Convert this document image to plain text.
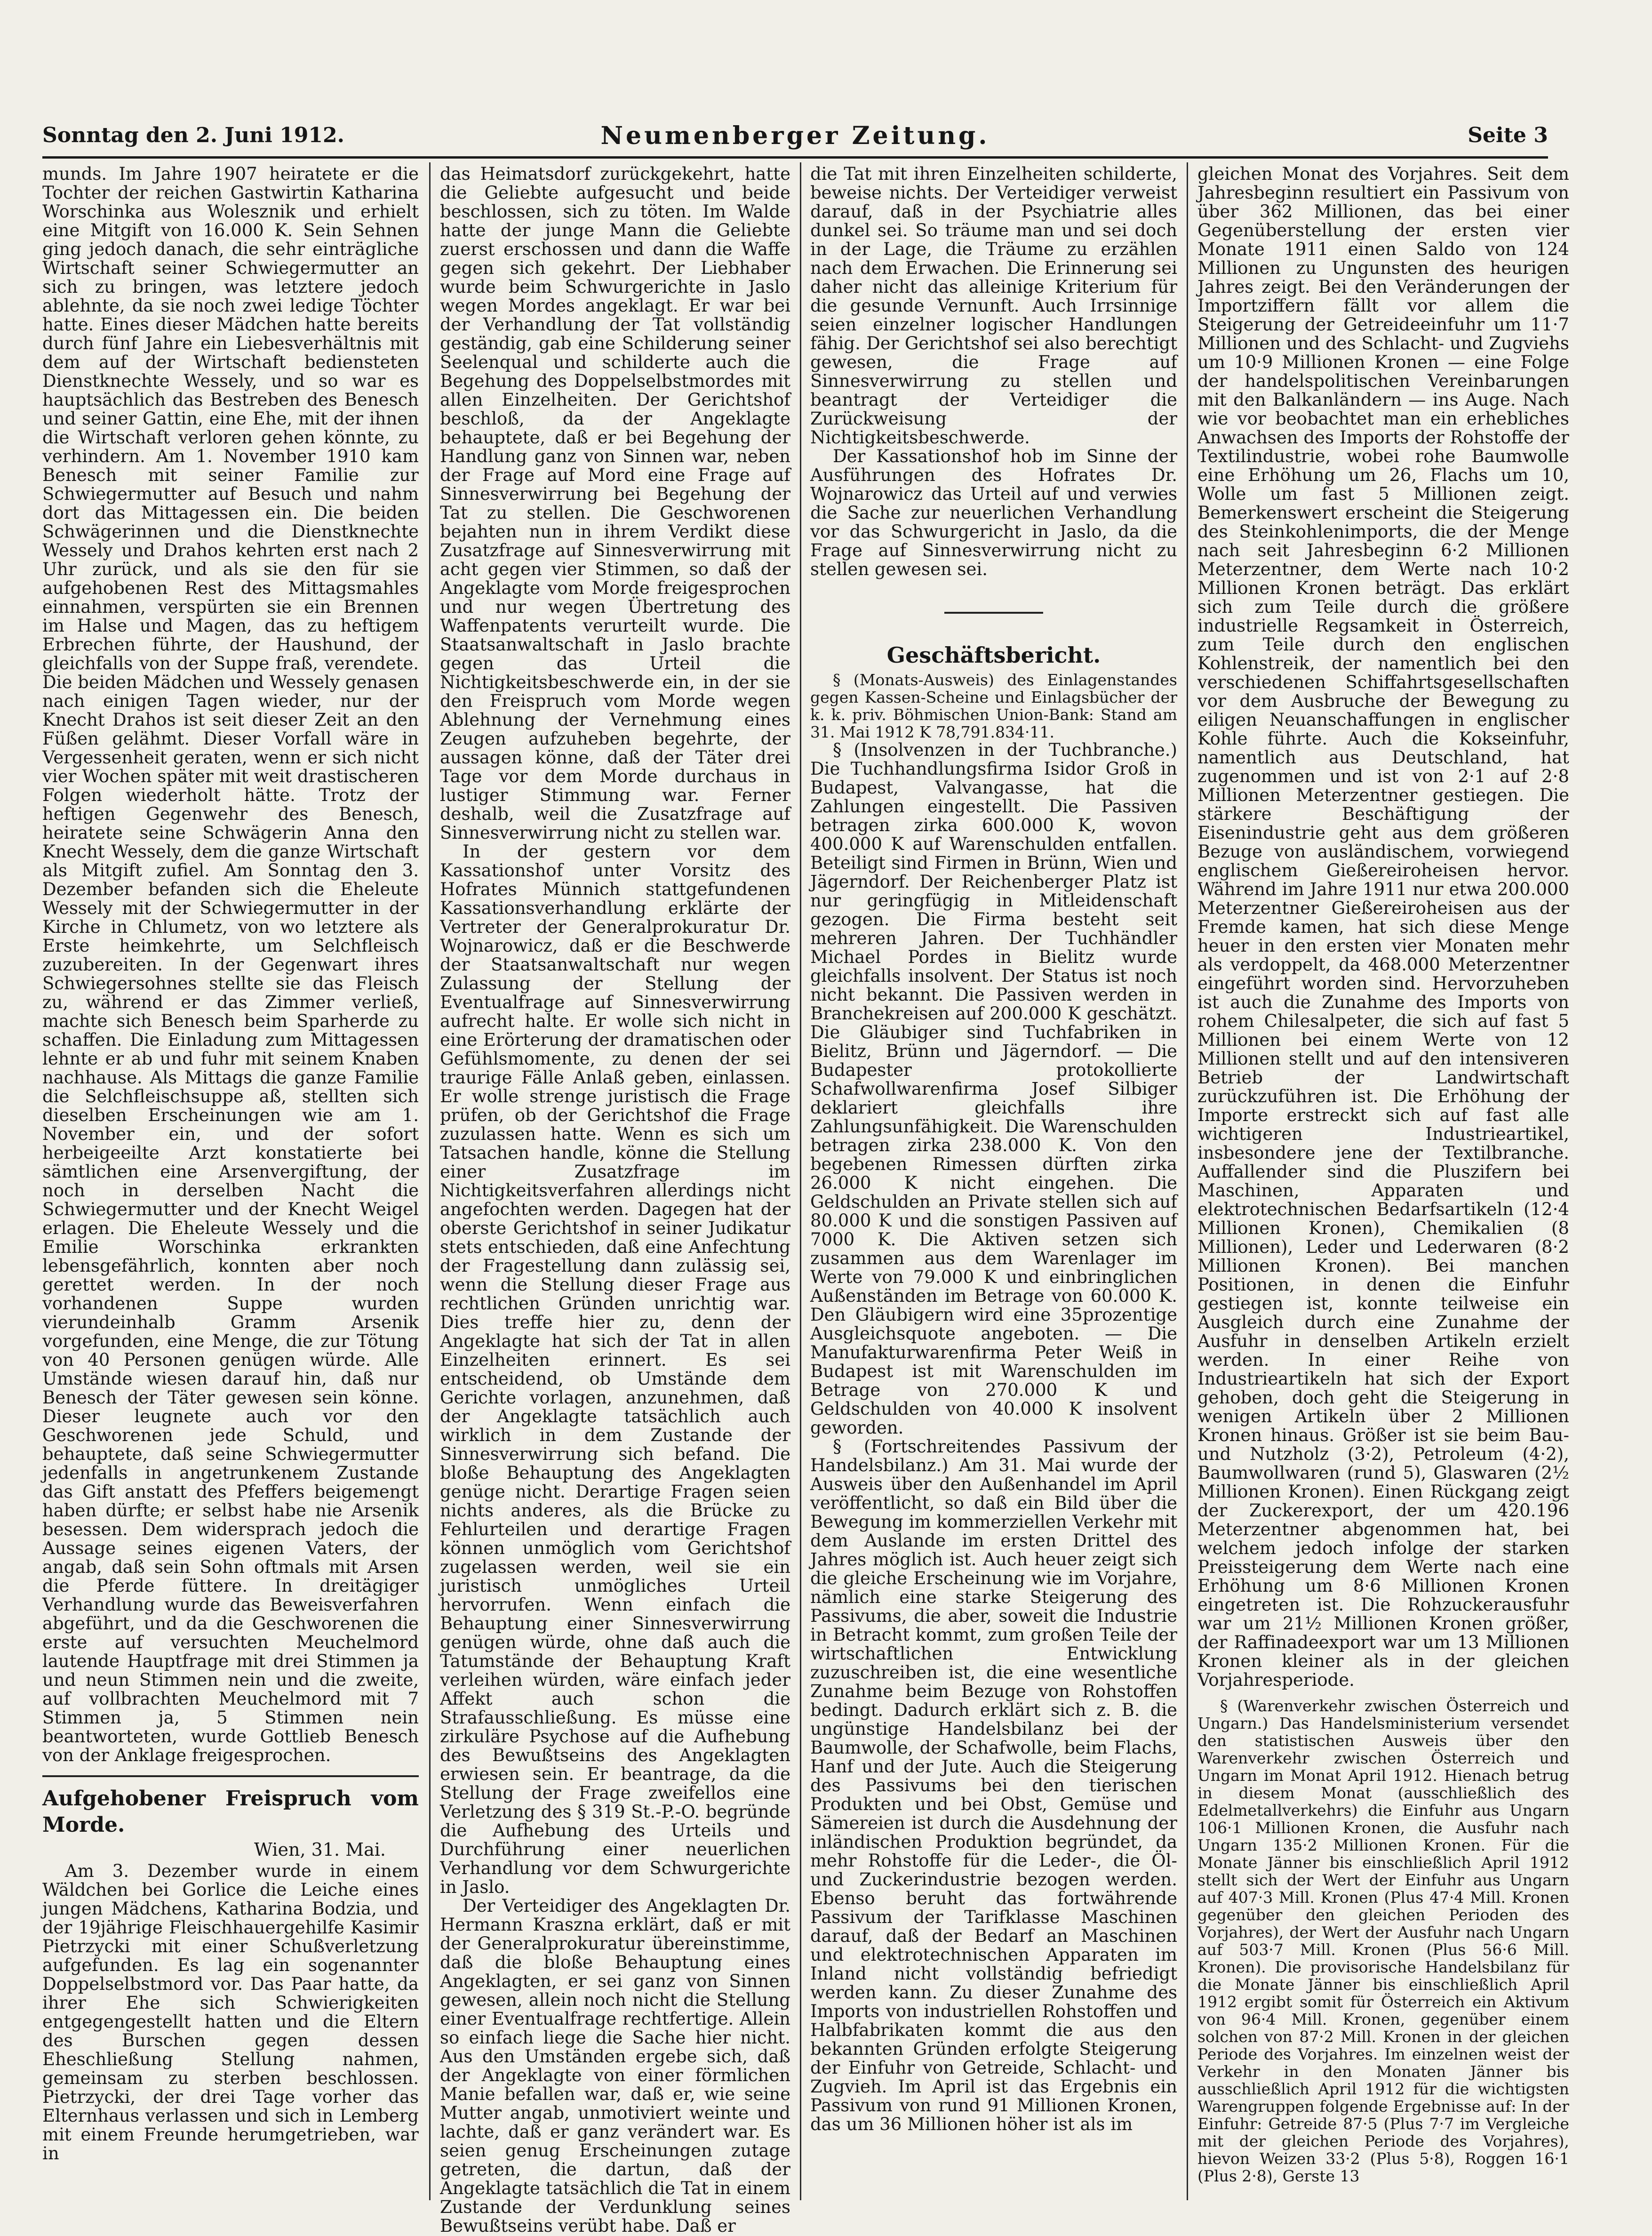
Sonntag den 2. Juni 1912.	Neumenberger Zeitung.	Seite 3

munds. Im Jahre 1907 heiratete er die Tochter der reichen Gastwirtin Katharina Worschinka aus Wolesznik und erhielt eine Mitgift von 16.000 K. Sein Sehnen ging jedoch danach, die sehr einträgliche Wirtschaft seiner Schwiegermutter an sich zu bringen, was letztere jedoch ablehnte, da sie noch zwei ledige Töchter hatte. Eines dieser Mädchen hatte bereits durch fünf Jahre ein Liebesverhältnis mit dem auf der Wirtschaft bediensteten Dienstknechte Wessely, und so war es hauptsächlich das Bestreben des Benesch und seiner Gattin, eine Ehe, mit der ihnen die Wirtschaft verloren gehen könnte, zu verhindern. Am 1. November 1910 kam Benesch mit seiner Familie zur Schwiegermutter auf Besuch und nahm dort das Mittagessen ein. Die beiden Schwägerinnen und die Dienstknechte Wessely und Drahos kehrten erst nach 2 Uhr zurück, und als sie den für sie aufgehobenen Rest des Mittagsmahles einnahmen, verspürten sie ein Brennen im Halse und Magen, das zu heftigem Erbrechen führte, der Haushund, der gleichfalls von der Suppe fraß, verendete. Die beiden Mädchen und Wessely genasen nach einigen Tagen wieder, nur der Knecht Drahos ist seit dieser Zeit an den Füßen gelähmt. Dieser Vorfall wäre in Vergessenheit geraten, wenn er sich nicht vier Wochen später mit weit drastischeren Folgen wiederholt hätte. Trotz der heftigen Gegenwehr des Benesch, heiratete seine Schwägerin Anna den Knecht Wessely, dem die ganze Wirtschaft als Mitgift zufiel. Am Sonntag den 3. Dezember befanden sich die Eheleute Wessely mit der Schwiegermutter in der Kirche in Chlumetz, von wo letztere als Erste heimkehrte, um Selchfleisch zuzubereiten. In der Gegenwart ihres Schwiegersohnes stellte sie das Fleisch zu, während er das Zimmer verließ, machte sich Benesch beim Sparherde zu schaffen. Die Einladung zum Mittagessen lehnte er ab und fuhr mit seinem Knaben nachhause. Als Mittags die ganze Familie die Selchfleischsuppe aß, stellten sich dieselben Erscheinungen wie am 1. November ein, und der sofort herbeigeeilte Arzt konstatierte bei sämtlichen eine Arsenvergiftung, der noch in derselben Nacht die Schwiegermutter und der Knecht Weigel erlagen. Die Eheleute Wessely und die Emilie Worschinka erkrankten lebensgefährlich, konnten aber noch gerettet werden. In der noch vorhandenen Suppe wurden vierundeinhalb Gramm Arsenik vorgefunden, eine Menge, die zur Tötung von 40 Personen genügen würde. Alle Umstände wiesen darauf hin, daß nur Benesch der Täter gewesen sein könne. Dieser leugnete auch vor den Geschworenen jede Schuld, und behauptete, daß seine Schwiegermutter jedenfalls in angetrunkenem Zustande das Gift anstatt des Pfeffers beigemengt haben dürfte; er selbst habe nie Arsenik besessen. Dem widersprach jedoch die Aussage seines eigenen Vaters, der angab, daß sein Sohn oftmals mit Arsen die Pferde füttere. In dreitägiger Verhandlung wurde das Beweisverfahren abgeführt, und da die Geschworenen die erste auf versuchten Meuchelmord lautende Hauptfrage mit drei Stimmen ja und neun Stimmen nein und die zweite, auf vollbrachten Meuchelmord mit 7 Stimmen ja, 5 Stimmen nein beantworteten, wurde Gottlieb Benesch von der Anklage freigesprochen.

Aufgehobener Freispruch vom Morde.
Wien, 31. Mai.

Am 3. Dezember wurde in einem Wäldchen bei Gorlice die Leiche eines jungen Mädchens, Katharina Bodzia, und der 19jährige Fleischhauergehilfe Kasimir Pietrzycki mit einer Schußverletzung aufgefunden. Es lag ein sogenannter Doppelselbstmord vor. Das Paar hatte, da ihrer Ehe sich Schwierigkeiten entgegengestellt hatten und die Eltern des Burschen gegen dessen Eheschließung Stellung nahmen, gemeinsam zu sterben beschlossen. Pietrzycki, der drei Tage vorher das Elternhaus verlassen und sich in Lemberg mit einem Freunde herumgetrieben, war in

das Heimatsdorf zurückgekehrt, hatte die Geliebte aufgesucht und beide beschlossen, sich zu töten. Im Walde hatte der junge Mann die Geliebte zuerst erschossen und dann die Waffe gegen sich gekehrt. Der Liebhaber wurde beim Schwurgerichte in Jaslo wegen Mordes angeklagt. Er war bei der Verhandlung der Tat vollständig geständig, gab eine Schilderung seiner Seelenqual und schilderte auch die Begehung des Doppelselbstmordes mit allen Einzelheiten. Der Gerichtshof beschloß, da der Angeklagte behauptete, daß er bei Begehung der Handlung ganz von Sinnen war, neben der Frage auf Mord eine Frage auf Sinnesverwirrung bei Begehung der Tat zu stellen. Die Geschworenen bejahten nun in ihrem Verdikt diese Zusatzfrage auf Sinnesverwirrung mit acht gegen vier Stimmen, so daß der Angeklagte vom Morde freigesprochen und nur wegen Übertretung des Waffenpatents verurteilt wurde. Die Staatsanwaltschaft in Jaslo brachte gegen das Urteil die Nichtigkeitsbeschwerde ein, in der sie den Freispruch vom Morde wegen Ablehnung der Vernehmung eines Zeugen aufzuheben begehrte, der aussagen könne, daß der Täter drei Tage vor dem Morde durchaus in lustiger Stimmung war. Ferner deshalb, weil die Zusatzfrage auf Sinnesverwirrung nicht zu stellen war.

In der gestern vor dem Kassationshof unter Vorsitz des Hofrates Münnich stattgefundenen Kassationsverhandlung erklärte der Vertreter der Generalprokuratur Dr. Wojnarowicz, daß er die Beschwerde der Staatsanwaltschaft nur wegen Zulassung der Stellung der Eventualfrage auf Sinnesverwirrung aufrecht halte. Er wolle sich nicht in eine Erörterung der dramatischen oder Gefühlsmomente, zu denen der sei traurige Fälle Anlaß geben, einlassen. Er wolle strenge juristisch die Frage prüfen, ob der Gerichtshof die Frage zuzulassen hatte. Wenn es sich um Tatsachen handle, könne die Stellung einer Zusatzfrage im Nichtigkeitsverfahren allerdings nicht angefochten werden. Dagegen hat der oberste Gerichtshof in seiner Judikatur stets entschieden, daß eine Anfechtung der Fragestellung dann zulässig sei, wenn die Stellung dieser Frage aus rechtlichen Gründen unrichtig war. Dies treffe hier zu, denn der Angeklagte hat sich der Tat in allen Einzelheiten erinnert. Es sei entscheidend, ob Umstände dem Gerichte vorlagen, anzunehmen, daß der Angeklagte tatsächlich auch wirklich in dem Zustande der Sinnesverwirrung sich befand. Die bloße Behauptung des Angeklagten genüge nicht. Derartige Fragen seien nichts anderes, als die Brücke zu Fehlurteilen und derartige Fragen können unmöglich vom Gerichtshof zugelassen werden, weil sie ein juristisch unmögliches Urteil hervorrufen. Wenn einfach die Behauptung einer Sinnesverwirrung genügen würde, ohne daß auch die Tatumstände der Behauptung Kraft verleihen würden, wäre einfach jeder Affekt auch schon die Strafausschließung. Es müsse eine zirkuläre Psychose auf die Aufhebung des Bewußtseins des Angeklagten erwiesen sein. Er beantrage, da die Stellung der Frage zweifellos eine Verletzung des § 319 St.-P.-O. begründe die Aufhebung des Urteils und Durchführung einer neuerlichen Verhandlung vor dem Schwurgerichte in Jaslo.

Der Verteidiger des Angeklagten Dr. Hermann Kraszna erklärt, daß er mit der Generalprokuratur übereinstimme, daß die bloße Behauptung eines Angeklagten, er sei ganz von Sinnen gewesen, allein noch nicht die Stellung einer Eventualfrage rechtfertige. Allein so einfach liege die Sache hier nicht. Aus den Umständen ergebe sich, daß der Angeklagte von einer förmlichen Manie befallen war, daß er, wie seine Mutter angab, unmotiviert weinte und lachte, daß er ganz verändert war. Es seien genug Erscheinungen zutage getreten, die dartun, daß der Angeklagte tatsächlich die Tat in einem Zustande der Verdunklung seines Bewußtseins verübt habe. Daß er

die Tat mit ihren Einzelheiten schilderte, beweise nichts. Der Verteidiger verweist darauf, daß in der Psychiatrie alles dunkel sei. So träume man und sei doch in der Lage, die Träume zu erzählen nach dem Erwachen. Die Erinnerung sei daher nicht das alleinige Kriterium für die gesunde Vernunft. Auch Irrsinnige seien einzelner logischer Handlungen fähig. Der Gerichtshof sei also berechtigt gewesen, die Frage auf Sinnesverwirrung zu stellen und beantragt der Verteidiger die Zurückweisung der Nichtigkeitsbeschwerde.

Der Kassationshof hob im Sinne der Ausführungen des Hofrates Dr. Wojnarowicz das Urteil auf und verwies die Sache zur neuerlichen Verhandlung vor das Schwurgericht in Jaslo, da die Frage auf Sinnesverwirrung nicht zu stellen gewesen sei.

Geschäftsbericht.

§ (Monats-Ausweis) des Einlagenstandes gegen Kassen-Scheine und Einlagsbücher der k. k. priv. Böhmischen Union-Bank: Stand am 31. Mai 1912 K 78,791.834·11.

§ (Insolvenzen in der Tuchbranche.) Die Tuchhandlungsfirma Isidor Groß in Budapest, Valvangasse, hat die Zahlungen eingestellt. Die Passiven betragen zirka 600.000 K, wovon 400.000 K auf Warenschulden entfallen. Beteiligt sind Firmen in Brünn, Wien und Jägerndorf. Der Reichenberger Platz ist nur geringfügig in Mitleidenschaft gezogen. Die Firma besteht seit mehreren Jahren. Der Tuchhändler Michael Pordes in Bielitz wurde gleichfalls insolvent. Der Status ist noch nicht bekannt. Die Passiven werden in Branchekreisen auf 200.000 K geschätzt. Die Gläubiger sind Tuchfabriken in Bielitz, Brünn und Jägerndorf. — Die Budapester protokollierte Schafwollwarenfirma Josef Silbiger deklariert gleichfalls ihre Zahlungsunfähigkeit. Die Warenschulden betragen zirka 238.000 K. Von den begebenen Rimessen dürften zirka 26.000 K nicht eingehen. Die Geldschulden an Private stellen sich auf 80.000 K und die sonstigen Passiven auf 7000 K. Die Aktiven setzen sich zusammen aus dem Warenlager im Werte von 79.000 K und einbringlichen Außenständen im Betrage von 60.000 K. Den Gläubigern wird eine 35prozentige Ausgleichsquote angeboten. — Die Manufakturwarenfirma Peter Weiß in Budapest ist mit Warenschulden im Betrage von 270.000 K und Geldschulden von 40.000 K insolvent geworden.

§ (Fortschreitendes Passivum der Handelsbilanz.) Am 31. Mai wurde der Ausweis über den Außenhandel im April veröffentlicht, so daß ein Bild über die Bewegung im kommerziellen Verkehr mit dem Auslande im ersten Drittel des Jahres möglich ist. Auch heuer zeigt sich die gleiche Erscheinung wie im Vorjahre, nämlich eine starke Steigerung des Passivums, die aber, soweit die Industrie in Betracht kommt, zum großen Teile der wirtschaftlichen Entwicklung zuzuschreiben ist, die eine wesentliche Zunahme beim Bezuge von Rohstoffen bedingt. Dadurch erklärt sich z. B. die ungünstige Handelsbilanz bei der Baumwolle, der Schafwolle, beim Flachs, Hanf und der Jute. Auch die Steigerung des Passivums bei den tierischen Produkten und bei Obst, Gemüse und Sämereien ist durch die Ausdehnung der inländischen Produktion begründet, da mehr Rohstoffe für die Leder-, die Öl- und Zuckerindustrie bezogen werden. Ebenso beruht das fortwährende Passivum der Tarifklasse Maschinen darauf, daß der Bedarf an Maschinen und elektrotechnischen Apparaten im Inland nicht vollständig befriedigt werden kann. Zu dieser Zunahme des Imports von industriellen Rohstoffen und Halbfabrikaten kommt die aus den bekannten Gründen erfolgte Steigerung der Einfuhr von Getreide, Schlacht- und Zugvieh. Im April ist das Ergebnis ein Passivum von rund 91 Millionen Kronen, das um 36 Millionen höher ist als im

gleichen Monat des Vorjahres. Seit dem Jahresbeginn resultiert ein Passivum von über 362 Millionen, das bei einer Gegenüberstellung der ersten vier Monate 1911 einen Saldo von 124 Millionen zu Ungunsten des heurigen Jahres zeigt. Bei den Veränderungen der Importziffern fällt vor allem die Steigerung der Getreideeinfuhr um 11·7 Millionen und des Schlacht- und Zugviehs um 10·9 Millionen Kronen — eine Folge der handelspolitischen Vereinbarungen mit den Balkanländern — ins Auge. Nach wie vor beobachtet man ein erhebliches Anwachsen des Imports der Rohstoffe der Textilindustrie, wobei rohe Baumwolle eine Erhöhung um 26, Flachs um 10, Wolle um fast 5 Millionen zeigt. Bemerkenswert erscheint die Steigerung des Steinkohlenimports, die der Menge nach seit Jahresbeginn 6·2 Millionen Meterzentner, dem Werte nach 10·2 Millionen Kronen beträgt. Das erklärt sich zum Teile durch die größere industrielle Regsamkeit in Österreich, zum Teile durch den englischen Kohlenstreik, der namentlich bei den verschiedenen Schiffahrtsgesellschaften vor dem Ausbruche der Bewegung zu eiligen Neuanschaffungen in englischer Kohle führte. Auch die Kokseinfuhr, namentlich aus Deutschland, hat zugenommen und ist von 2·1 auf 2·8 Millionen Meterzentner gestiegen. Die stärkere Beschäftigung der Eisenindustrie geht aus dem größeren Bezuge von ausländischem, vorwiegend englischem Gießereiroheisen hervor. Während im Jahre 1911 nur etwa 200.000 Meterzentner Gießereiroheisen aus der Fremde kamen, hat sich diese Menge heuer in den ersten vier Monaten mehr als verdoppelt, da 468.000 Meterzentner eingeführt worden sind. Hervorzuheben ist auch die Zunahme des Imports von rohem Chilesalpeter, die sich auf fast 5 Millionen bei einem Werte von 12 Millionen stellt und auf den intensiveren Betrieb der Landwirtschaft zurückzuführen ist. Die Erhöhung der Importe erstreckt sich auf fast alle wichtigeren Industrieartikel, insbesondere jene der Textilbranche. Auffallender sind die Pluszifern bei Maschinen, Apparaten und elektrotechnischen Bedarfsartikeln (12·4 Millionen Kronen), Chemikalien (8 Millionen), Leder und Lederwaren (8·2 Millionen Kronen). Bei manchen Positionen, in denen die Einfuhr gestiegen ist, konnte teilweise ein Ausgleich durch eine Zunahme der Ausfuhr in denselben Artikeln erzielt werden. In einer Reihe von Industrieartikeln hat sich der Export gehoben, doch geht die Steigerung in wenigen Artikeln über 2 Millionen Kronen hinaus. Größer ist sie beim Bau- und Nutzholz (3·2), Petroleum (4·2), Baumwollwaren (rund 5), Glaswaren (2½ Millionen Kronen). Einen Rückgang zeigt der Zuckerexport, der um 420.196 Meterzentner abgenommen hat, bei welchem jedoch infolge der starken Preissteigerung dem Werte nach eine Erhöhung um 8·6 Millionen Kronen eingetreten ist. Die Rohzuckerausfuhr war um 21½ Millionen Kronen größer, der Raffinadeexport war um 13 Millionen Kronen kleiner als in der gleichen Vorjahresperiode.

§ (Warenverkehr zwischen Österreich und Ungarn.) Das Handelsministerium versendet den statistischen Ausweis über den Warenverkehr zwischen Österreich und Ungarn im Monat April 1912. Hienach betrug in diesem Monat (ausschließlich des Edelmetallverkehrs) die Einfuhr aus Ungarn 106·1 Millionen Kronen, die Ausfuhr nach Ungarn 135·2 Millionen Kronen. Für die Monate Jänner bis einschließlich April 1912 stellt sich der Wert der Einfuhr aus Ungarn auf 407·3 Mill. Kronen (Plus 47·4 Mill. Kronen gegenüber den gleichen Perioden des Vorjahres), der Wert der Ausfuhr nach Ungarn auf 503·7 Mill. Kronen (Plus 56·6 Mill. Kronen). Die provisorische Handelsbilanz für die Monate Jänner bis einschließlich April 1912 ergibt somit für Österreich ein Aktivum von 96·4 Mill. Kronen, gegenüber einem solchen von 87·2 Mill. Kronen in der gleichen Periode des Vorjahres. Im einzelnen weist der Verkehr in den Monaten Jänner bis ausschließlich April 1912 für die wichtigsten Warengruppen folgende Ergebnisse auf: In der Einfuhr: Getreide 87·5 (Plus 7·7 im Vergleiche mit der gleichen Periode des Vorjahres), hievon Weizen 33·2 (Plus 5·8), Roggen 16·1 (Plus 2·8), Gerste 13
